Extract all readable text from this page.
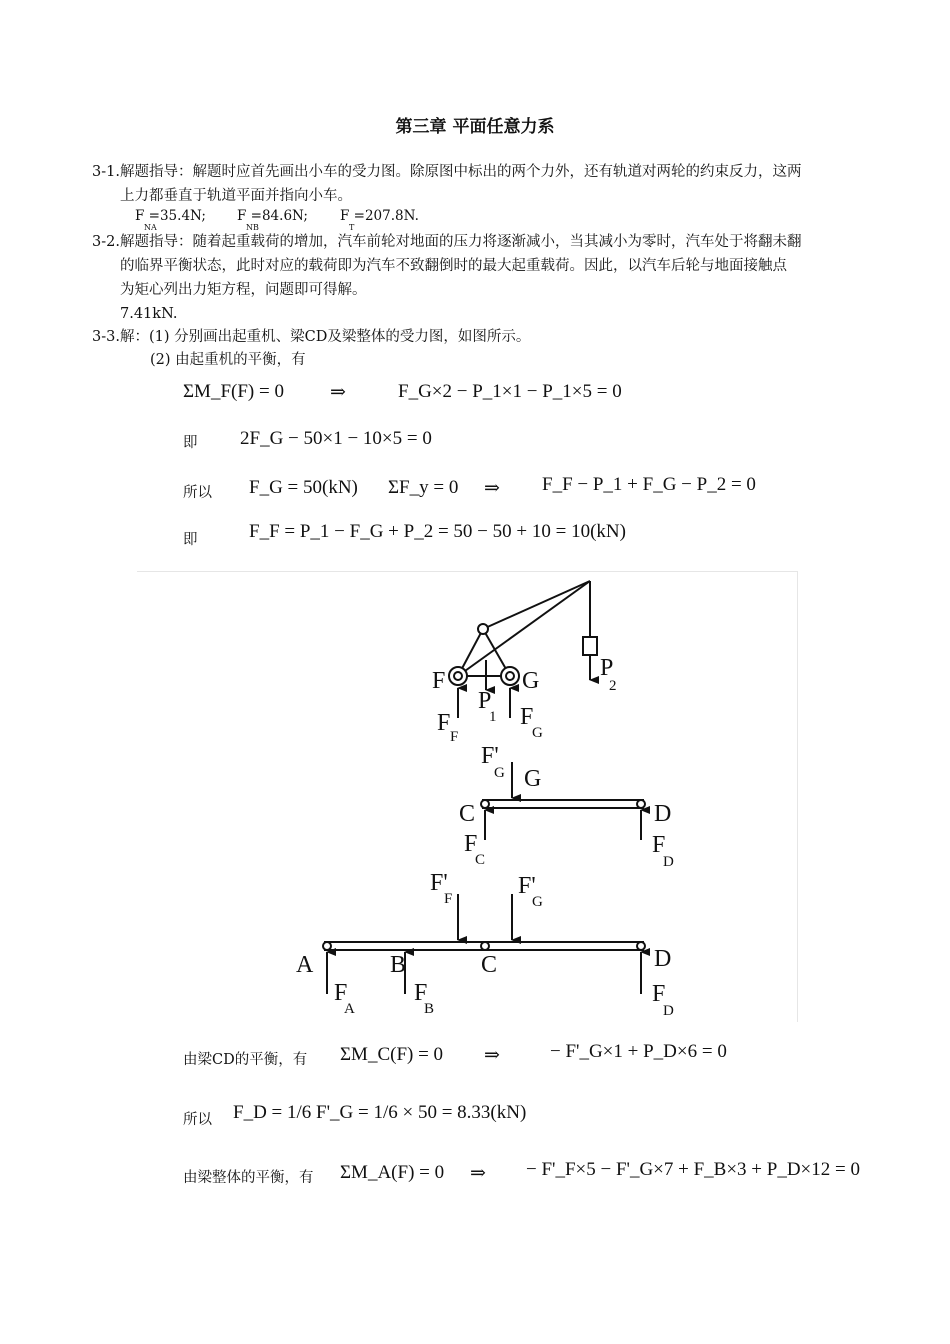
第三章 平面任意力系
3-1.解题指导：解题时应首先画出小车的受力图。除原图中标出的两个力外，还有轨道对两轮的约束反力，这两
上力都垂直于轨道平面并指向小车。
F =35.4N;
NA
F =84.6N;
NB
F =207.8N.
T
3-2.解题指导：随着起重载荷的增加，汽车前轮对地面的压力将逐渐减小，当其减小为零时，汽车处于将翻未翻
的临界平衡状态，此时对应的载荷即为汽车不致翻倒时的最大起重载荷。因此，以汽车后轮与地面接触点
为矩心列出力矩方程，问题即可得解。
7.41kN.
3-3.解：(1) 分别画出起重机、梁CD及梁整体的受力图，如图所示。
(2) 由起重机的平衡，有
ΣM_F(F) = 0 ⇒	F_G×2 − P_1×1 − P_1×5 = 0
即 2F_G − 50×1 − 10×5 = 0
所以 F_G = 50(kN) ΣF_y = 0 ⇒ F_F − P_1 + F_G − P_2 = 0
即	F_F = P_1 − F_G + P_2 = 50 − 50 + 10 = 10(kN)
F	G
P
1
P
2
F
F
F
G
F'
G G
C	D
F
C
F
D
F'
F	F'
G
A	B	C	D
F
A
F
B
F
D
由梁CD的平衡，有 ΣM_C(F) = 0 ⇒	− F'_G×1 + P_D×6 = 0
所以 F_D = 1/6 F'_G = 1/6 × 50 = 8.33(kN)
由梁整体的平衡，有 ΣM_A(F) = 0 ⇒ − F'_F×5 − F'_G×7 + F_B×3 + P_D×12 = 0
